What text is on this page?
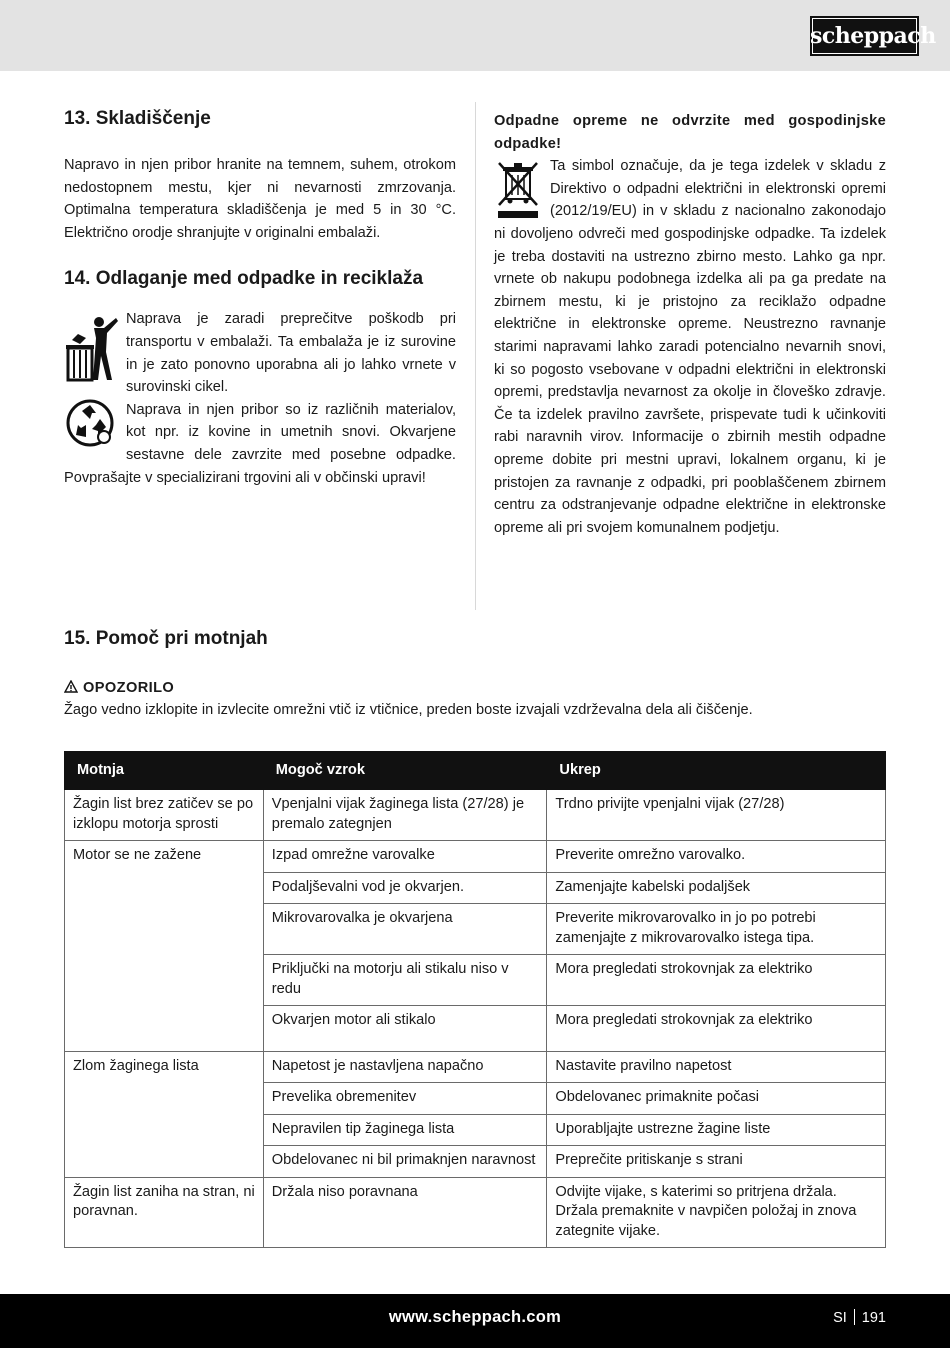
scheppach
13. Skladiščenje

Napravo in njen pribor hranite na temnem, suhem, otrokom nedostopnem mestu, kjer ni nevarnosti zmrzovanja. Optimalna temperatura skladiščenja je med 5 in 30 °C. Električno orodje shranjujte v originalni embalaži.

14. Odlaganje med odpadke in reciklaža

Naprava je zaradi preprečitve poškodb pri transportu v embalaži. Ta embalaža je iz surovine in je zato ponovno uporabna ali jo lahko vrnete v surovinski cikel.

Naprava in njen pribor so iz različnih materialov, kot npr. iz kovine in umetnih snovi. Okvarjene sestavne dele zavrzite med posebne odpadke. Povprašajte v specializirani trgovini ali v občinski upravi!

Odpadne opreme ne odvrzite med gospodinjske odpadke!

Ta simbol označuje, da je tega izdelek v skladu z Direktivo o odpadni električni in elektronski opremi (2012/19/EU) in v skladu z nacionalno zakonodajo ni dovoljeno odvreči med gospodinjske odpadke. Ta izdelek je treba dostaviti na ustrezno zbirno mesto. Lahko ga npr. vrnete ob nakupu podobnega izdelka ali pa ga predate na zbirnem mestu, ki je pristojno za reciklažo odpadne električne in elektronske opreme. Neustrezno ravnanje starimi napravami lahko zaradi potencialno nevarnih snovi, ki so pogosto vsebovane v odpadni električni in elektronski opremi, predstavlja nevarnost za okolje in človeško zdravje. Če ta izdelek pravilno završete, prispevate tudi k učinkoviti rabi naravnih virov. Informacije o zbirnih mestih odpadne opreme dobite pri mestni upravi, lokalnem organu, ki je pristojen za ravnanje z odpadki, pri pooblaščenem zbirnem centru za odstranjevanje odpadne električne in elektronske opreme ali pri svojem komunalnem podjetju.

15. Pomoč pri motnjah
OPOZORILO
Žago vedno izklopite in izvlecite omrežni vtič iz vtičnice, preden boste izvajali vzdrževalna dela ali čiščenje.
Motnja	Mogoč vzrok	Ukrep
Žagin list brez zatičev se po izklopu motorja sprosti	Vpenjalni vijak žaginega lista (27/28) je premalo zategnjen	Trdno privijte vpenjalni vijak (27/28)
Motor se ne zažene	Izpad omrežne varovalke	Preverite omrežno varovalko.
	Podaljševalni vod je okvarjen.	Zamenjajte kabelski podaljšek
	Mikrovarovalka je okvarjena	Preverite mikrovarovalko in jo po potrebi zamenjajte z mikrovarovalko istega tipa.
	Priključki na motorju ali stikalu niso v redu	Mora pregledati strokovnjak za elektriko
	Okvarjen motor ali stikalo	Mora pregledati strokovnjak za elektriko
Zlom žaginega lista	Napetost je nastavljena napačno	Nastavite pravilno napetost
	Prevelika obremenitev	Obdelovanec primaknite počasi
	Nepravilen tip žaginega lista	Uporabljajte ustrezne žagine liste
	Obdelovanec ni bil primaknjen naravnost	Preprečite pritiskanje s strani
Žagin list zaniha na stran, ni poravnan.	Držala niso poravnana	Odvijte vijake, s katerimi so pritrjena držala. Držala premaknite v navpičen položaj in znova zategnite vijake.
www.scheppach.com	SI 191
